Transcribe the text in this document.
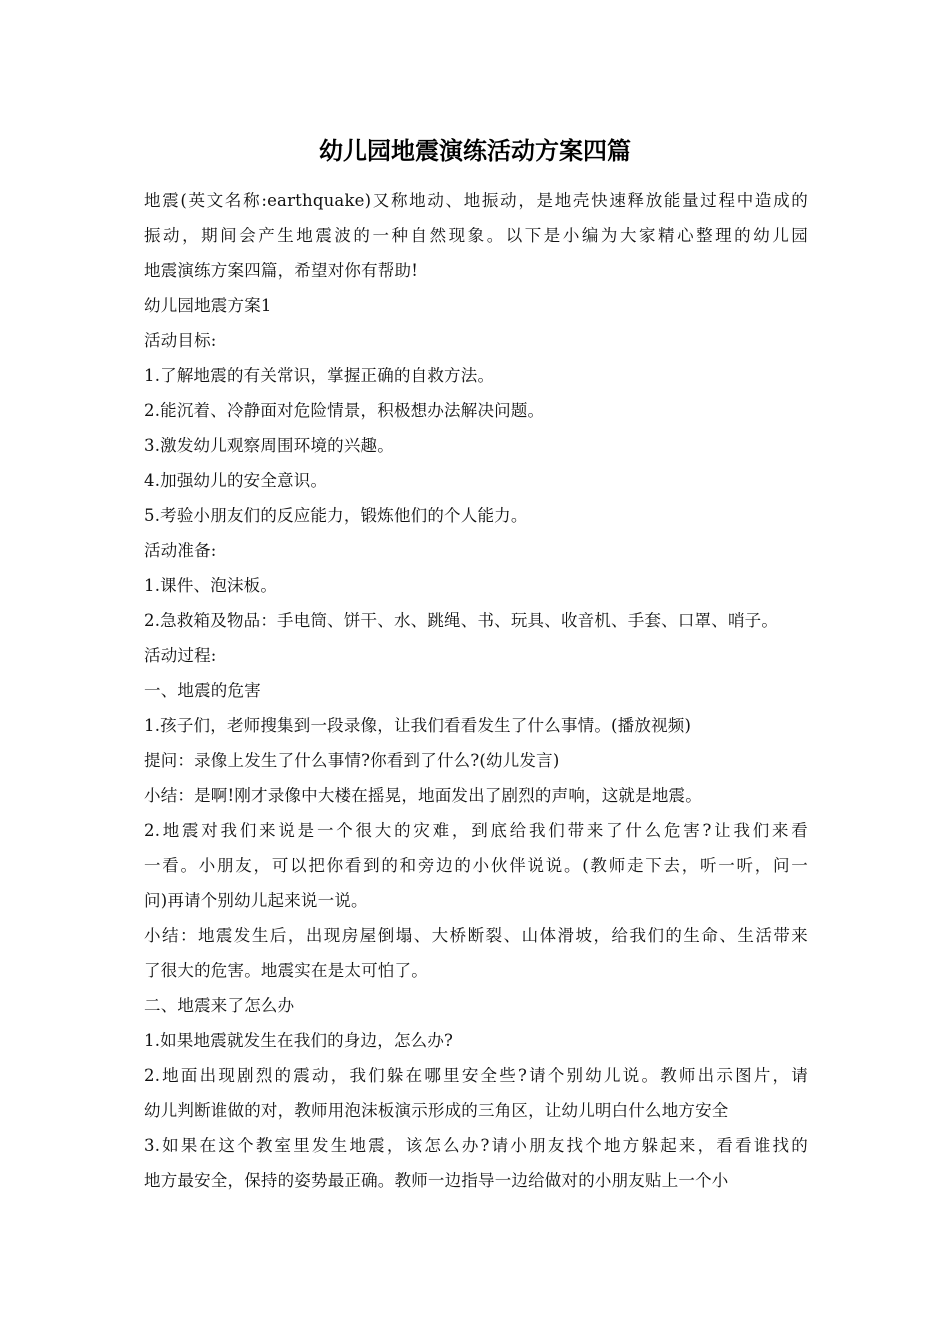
幼儿园地震演练活动方案四篇
地震(英文名称:earthquake)又称地动、地振动，是地壳快速释放能量过程中造成的
振动，期间会产生地震波的一种自然现象。以下是小编为大家精心整理的幼儿园
地震演练方案四篇，希望对你有帮助!
幼儿园地震方案1
活动目标:
1.了解地震的有关常识，掌握正确的自救方法。
2.能沉着、冷静面对危险情景，积极想办法解决问题。
3.激发幼儿观察周围环境的兴趣。
4.加强幼儿的安全意识。
5.考验小朋友们的反应能力，锻炼他们的个人能力。
活动准备:
1.课件、泡沫板。
2.急救箱及物品：手电筒、饼干、水、跳绳、书、玩具、收音机、手套、口罩、哨子。
活动过程:
一、地震的危害
1.孩子们，老师搜集到一段录像，让我们看看发生了什么事情。(播放视频)
提问：录像上发生了什么事情?你看到了什么?(幼儿发言)
小结：是啊!刚才录像中大楼在摇晃，地面发出了剧烈的声响，这就是地震。
2.地震对我们来说是一个很大的灾难，到底给我们带来了什么危害?让我们来看
一看。小朋友，可以把你看到的和旁边的小伙伴说说。(教师走下去，听一听，问一
问)再请个别幼儿起来说一说。
小结：地震发生后，出现房屋倒塌、大桥断裂、山体滑坡，给我们的生命、生活带来
了很大的危害。地震实在是太可怕了。
二、地震来了怎么办
1.如果地震就发生在我们的身边，怎么办?
2.地面出现剧烈的震动，我们躲在哪里安全些?请个别幼儿说。教师出示图片，请
幼儿判断谁做的对，教师用泡沫板演示形成的三角区，让幼儿明白什么地方安全
3.如果在这个教室里发生地震，该怎么办?请小朋友找个地方躲起来，看看谁找的
地方最安全，保持的姿势最正确。教师一边指导一边给做对的小朋友贴上一个小
